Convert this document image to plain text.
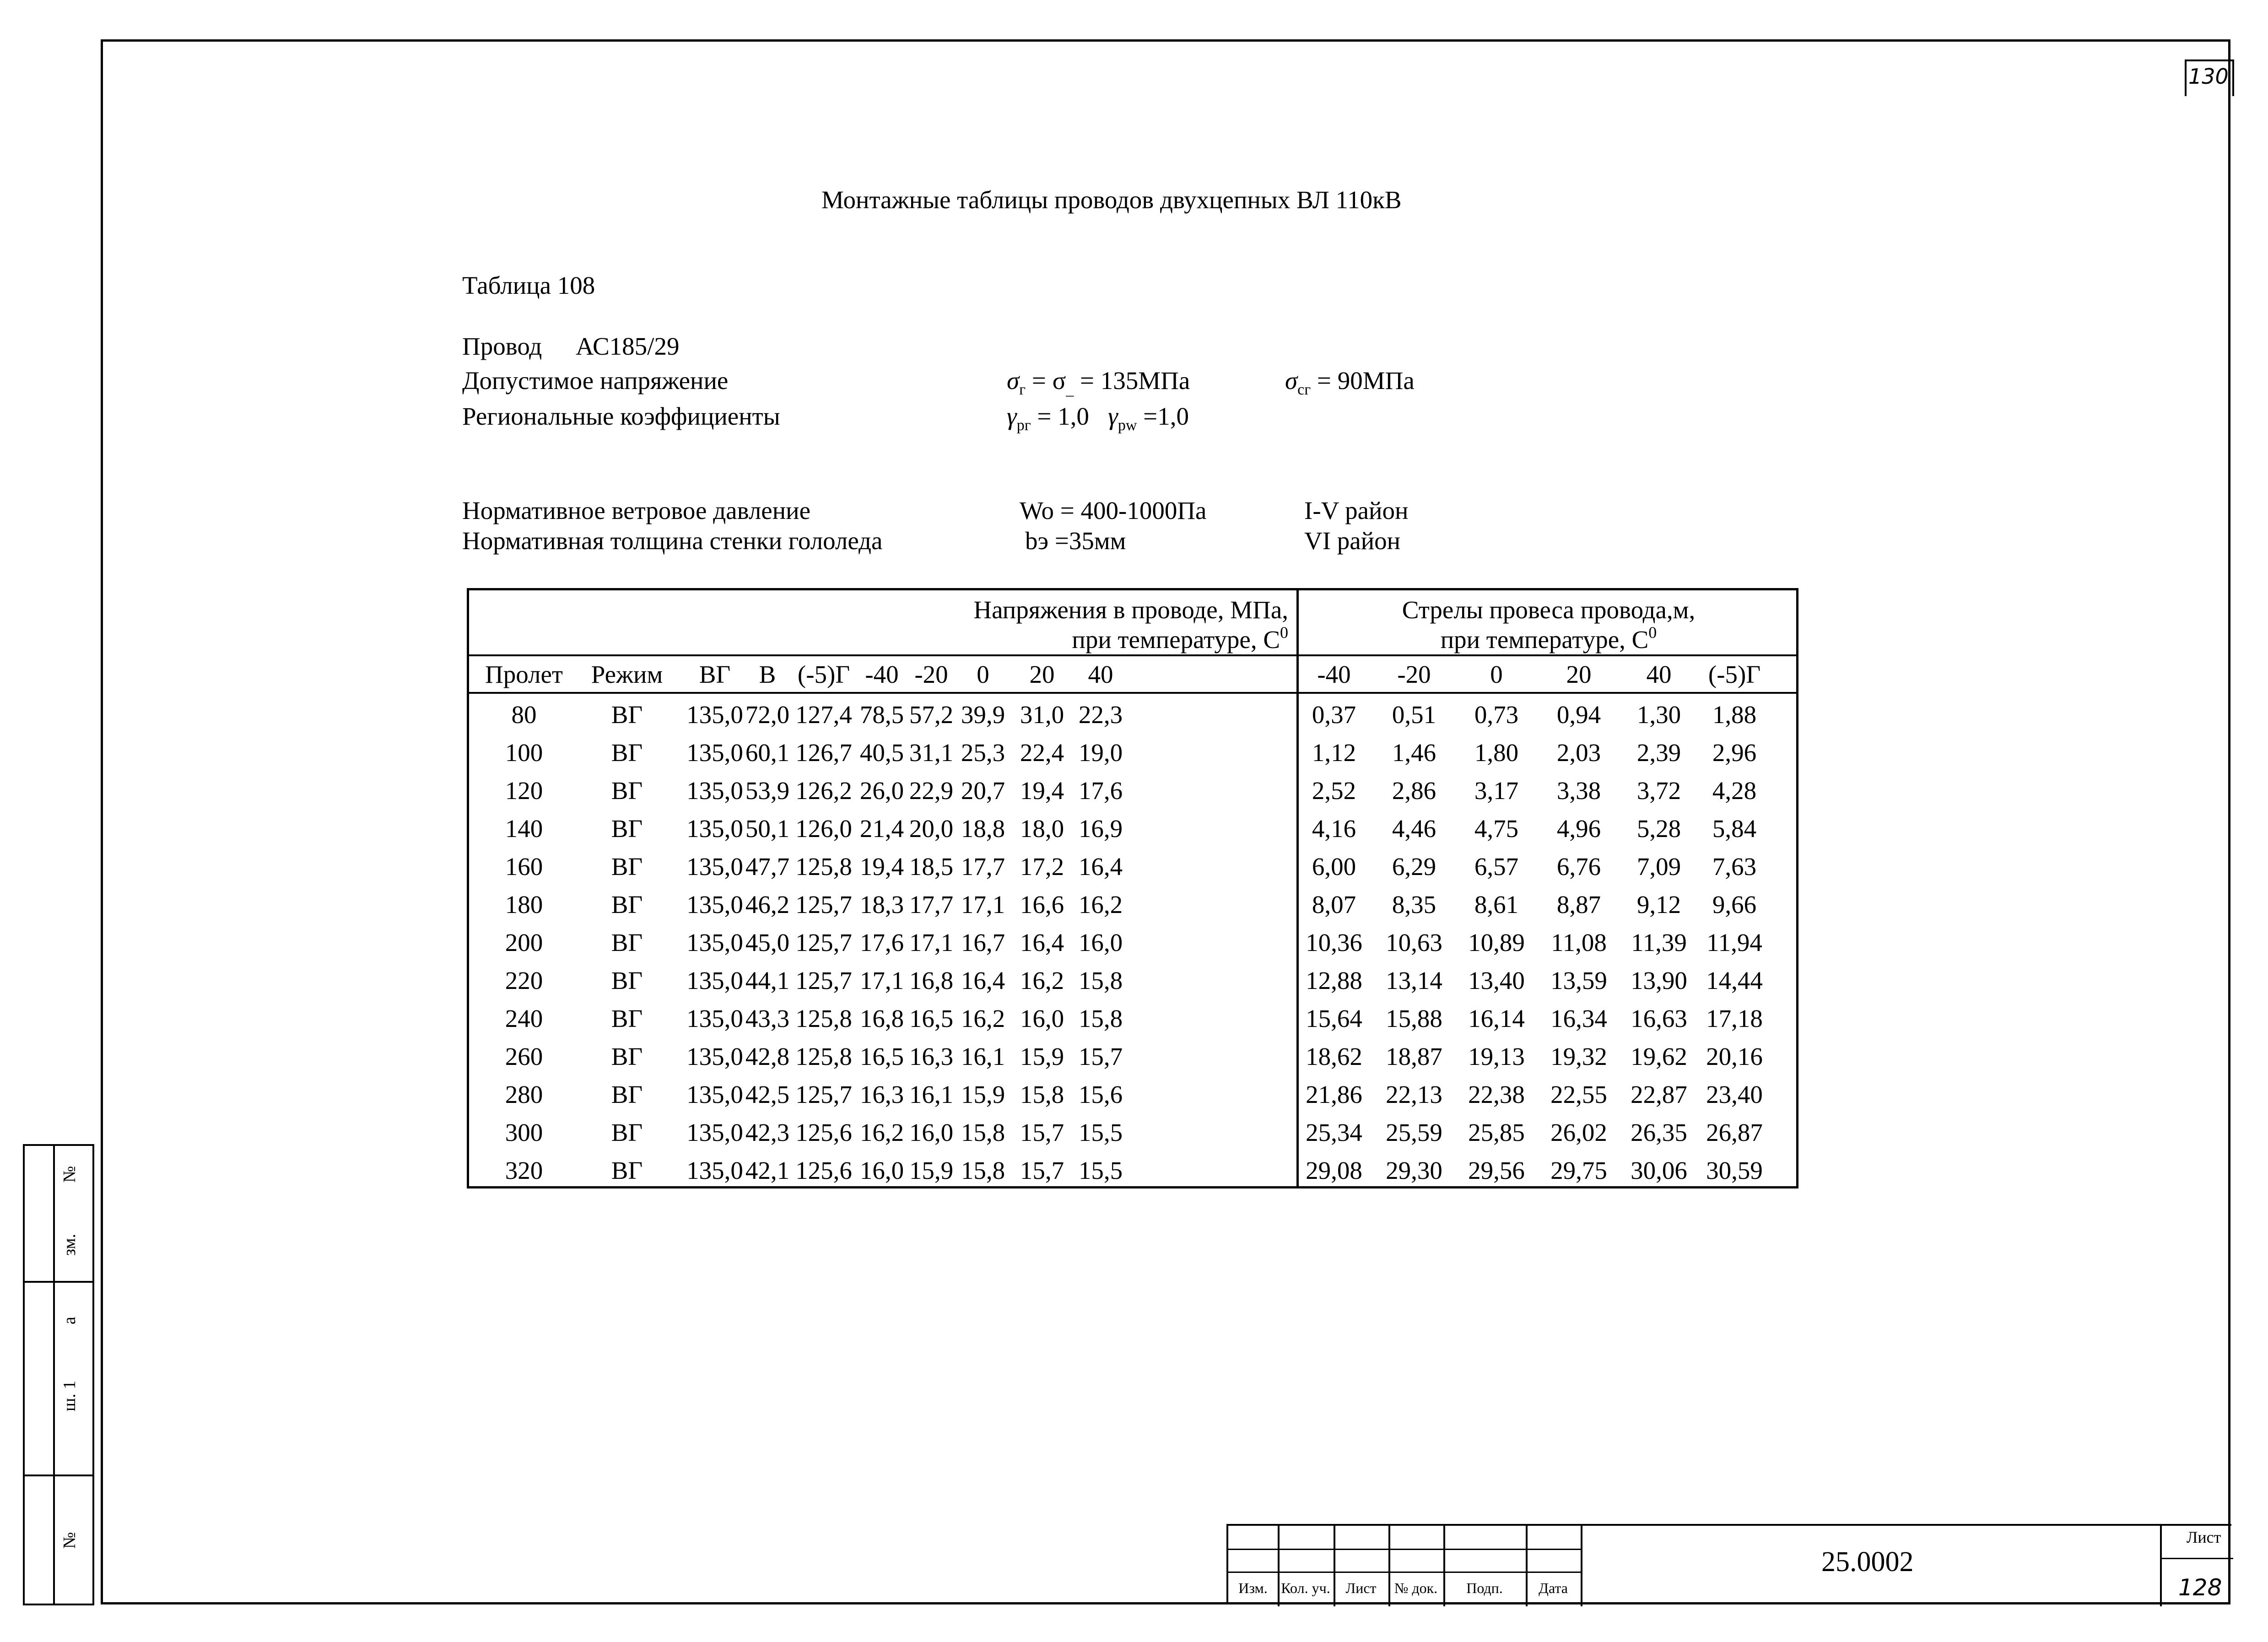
130
Монтажные таблицы проводов двухцепных ВЛ 110кВ
Таблица 108
Провод АС185/29
Допустимое напряжение	$\sigma_г = \sigma_{\_} = 135МПа$	$\sigma_{сг} = 90МПа$
Региональные коэффициенты	$\gamma_{рг} = 1,0$ $\gamma_{pw} =1,0$
Нормативное ветровое давление	Wo = 400-1000Па	I-V район
Нормативная толщина стенки гололеда	bэ =35мм	VI район
Напряжения в проводе, МПа,
при температуре, $С^0$
Стрелы провеса провода,м,
при температуре, $С^0$
Пролет	Режим	ВГ	В (-5)Г -40 -20	0	20	40	-40	-20	0	20	40	(-5)Г
80	ВГ	135,0 72,0 127,4 78,5 57,2 39,9 31,0 22,3	0,37	0,51	0,73	0,94	1,30	1,88
100	ВГ	135,0 60,1 126,7 40,5 31,1 25,3 22,4 19,0	1,12	1,46	1,80	2,03	2,39	2,96
120	ВГ	135,0 53,9 126,2 26,0 22,9 20,7 19,4 17,6	2,52	2,86	3,17	3,38	3,72	4,28
140	ВГ	135,0 50,1 126,0 21,4 20,0 18,8 18,0 16,9	4,16	4,46	4,75	4,96	5,28	5,84
160	ВГ	135,0 47,7 125,8 19,4 18,5 17,7 17,2 16,4	6,00	6,29	6,57	6,76	7,09	7,63
180	ВГ	135,0 46,2 125,7 18,3 17,7 17,1 16,6 16,2	8,07	8,35	8,61	8,87	9,12	9,66
200	ВГ	135,0 45,0 125,7 17,6 17,1 16,7 16,4 16,0	10,36 10,63	10,89	11,08 11,39 11,94
220	ВГ	135,0 44,1 125,7 17,1 16,8 16,4 16,2 15,8	12,88 13,14	13,40	13,59 13,90 14,44
240	ВГ	135,0 43,3 125,8 16,8 16,5 16,2 16,0 15,8	15,64 15,88	16,14	16,34 16,63 17,18
260	ВГ	135,0 42,8 125,8 16,5 16,3 16,1 15,9 15,7	18,62 18,87	19,13	19,32 19,62 20,16
280	ВГ	135,0 42,5 125,7 16,3 16,1 15,9 15,8 15,6	21,86 22,13	22,38	22,55 22,87 23,40
300	ВГ	135,0 42,3 125,6 16,2 16,0 15,8 15,7 15,5	25,34 25,59	25,85	26,02 26,35 26,87
320	ВГ	135,0 42,1 125,6 16,0 15,9 15,8 15,7 15,5	29,08 29,30	29,56	29,75 30,06 30,59
№
зм.
а
ш. 1
№
Изм. Кол. уч.	Лист	№ док.	Подп.	Дата
25.0002
Лист
128
